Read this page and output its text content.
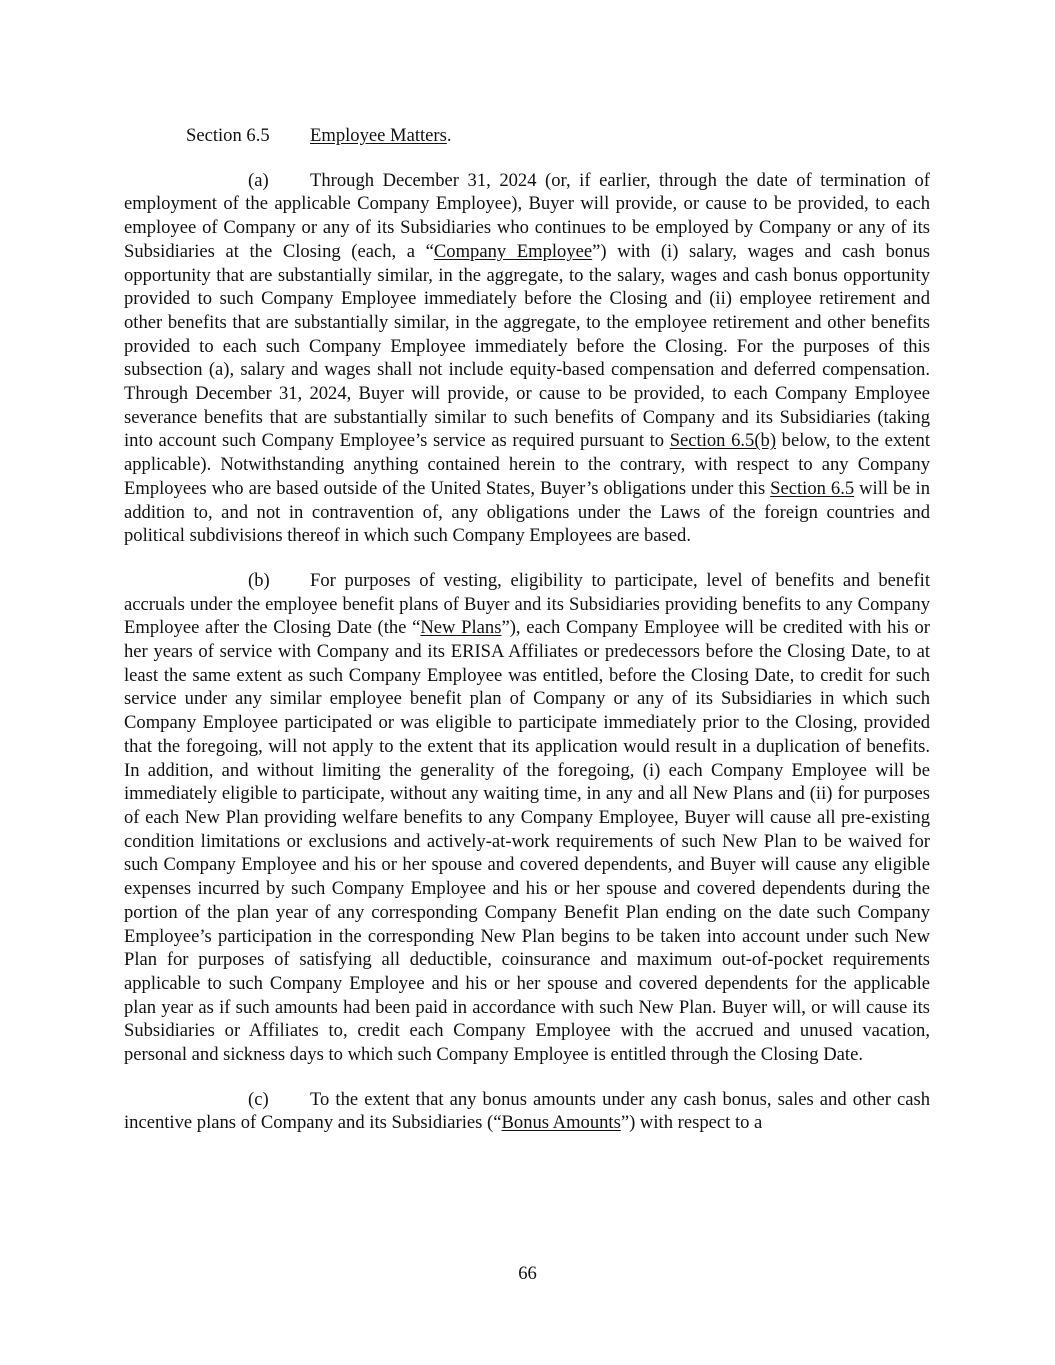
Section 6.5 Employee Matters.

(a) Through December 31, 2024 (or, if earlier, through the date of termination of employment of the applicable Company Employee), Buyer will provide, or cause to be provided, to each employee of Company or any of its Subsidiaries who continues to be employed by Company or any of its Subsidiaries at the Closing (each, a “Company Employee”) with (i) salary, wages and cash bonus opportunity that are substantially similar, in the aggregate, to the salary, wages and cash bonus opportunity provided to such Company Employee immediately before the Closing and (ii) employee retirement and other benefits that are substantially similar, in the aggregate, to the employee retirement and other benefits provided to each such Company Employee immediately before the Closing. For the purposes of this subsection (a), salary and wages shall not include equity-based compensation and deferred compensation. Through December 31, 2024, Buyer will provide, or cause to be provided, to each Company Employee severance benefits that are substantially similar to such benefits of Company and its Subsidiaries (taking into account such Company Employee’s service as required pursuant to Section 6.5(b) below, to the extent applicable). Notwithstanding anything contained herein to the contrary, with respect to any Company Employees who are based outside of the United States, Buyer’s obligations under this Section 6.5 will be in addition to, and not in contravention of, any obligations under the Laws of the foreign countries and political subdivisions thereof in which such Company Employees are based.

(b) For purposes of vesting, eligibility to participate, level of benefits and benefit accruals under the employee benefit plans of Buyer and its Subsidiaries providing benefits to any Company Employee after the Closing Date (the “New Plans”), each Company Employee will be credited with his or her years of service with Company and its ERISA Affiliates or predecessors before the Closing Date, to at least the same extent as such Company Employee was entitled, before the Closing Date, to credit for such service under any similar employee benefit plan of Company or any of its Subsidiaries in which such Company Employee participated or was eligible to participate immediately prior to the Closing, provided that the foregoing, will not apply to the extent that its application would result in a duplication of benefits. In addition, and without limiting the generality of the foregoing, (i) each Company Employee will be immediately eligible to participate, without any waiting time, in any and all New Plans and (ii) for purposes of each New Plan providing welfare benefits to any Company Employee, Buyer will cause all pre-existing condition limitations or exclusions and actively-at-work requirements of such New Plan to be waived for such Company Employee and his or her spouse and covered dependents, and Buyer will cause any eligible expenses incurred by such Company Employee and his or her spouse and covered dependents during the portion of the plan year of any corresponding Company Benefit Plan ending on the date such Company Employee’s participation in the corresponding New Plan begins to be taken into account under such New Plan for purposes of satisfying all deductible, coinsurance and maximum out-of-pocket requirements applicable to such Company Employee and his or her spouse and covered dependents for the applicable plan year as if such amounts had been paid in accordance with such New Plan. Buyer will, or will cause its Subsidiaries or Affiliates to, credit each Company Employee with the accrued and unused vacation, personal and sickness days to which such Company Employee is entitled through the Closing Date.

(c) To the extent that any bonus amounts under any cash bonus, sales and other cash incentive plans of Company and its Subsidiaries (“Bonus Amounts”) with respect to a

66
